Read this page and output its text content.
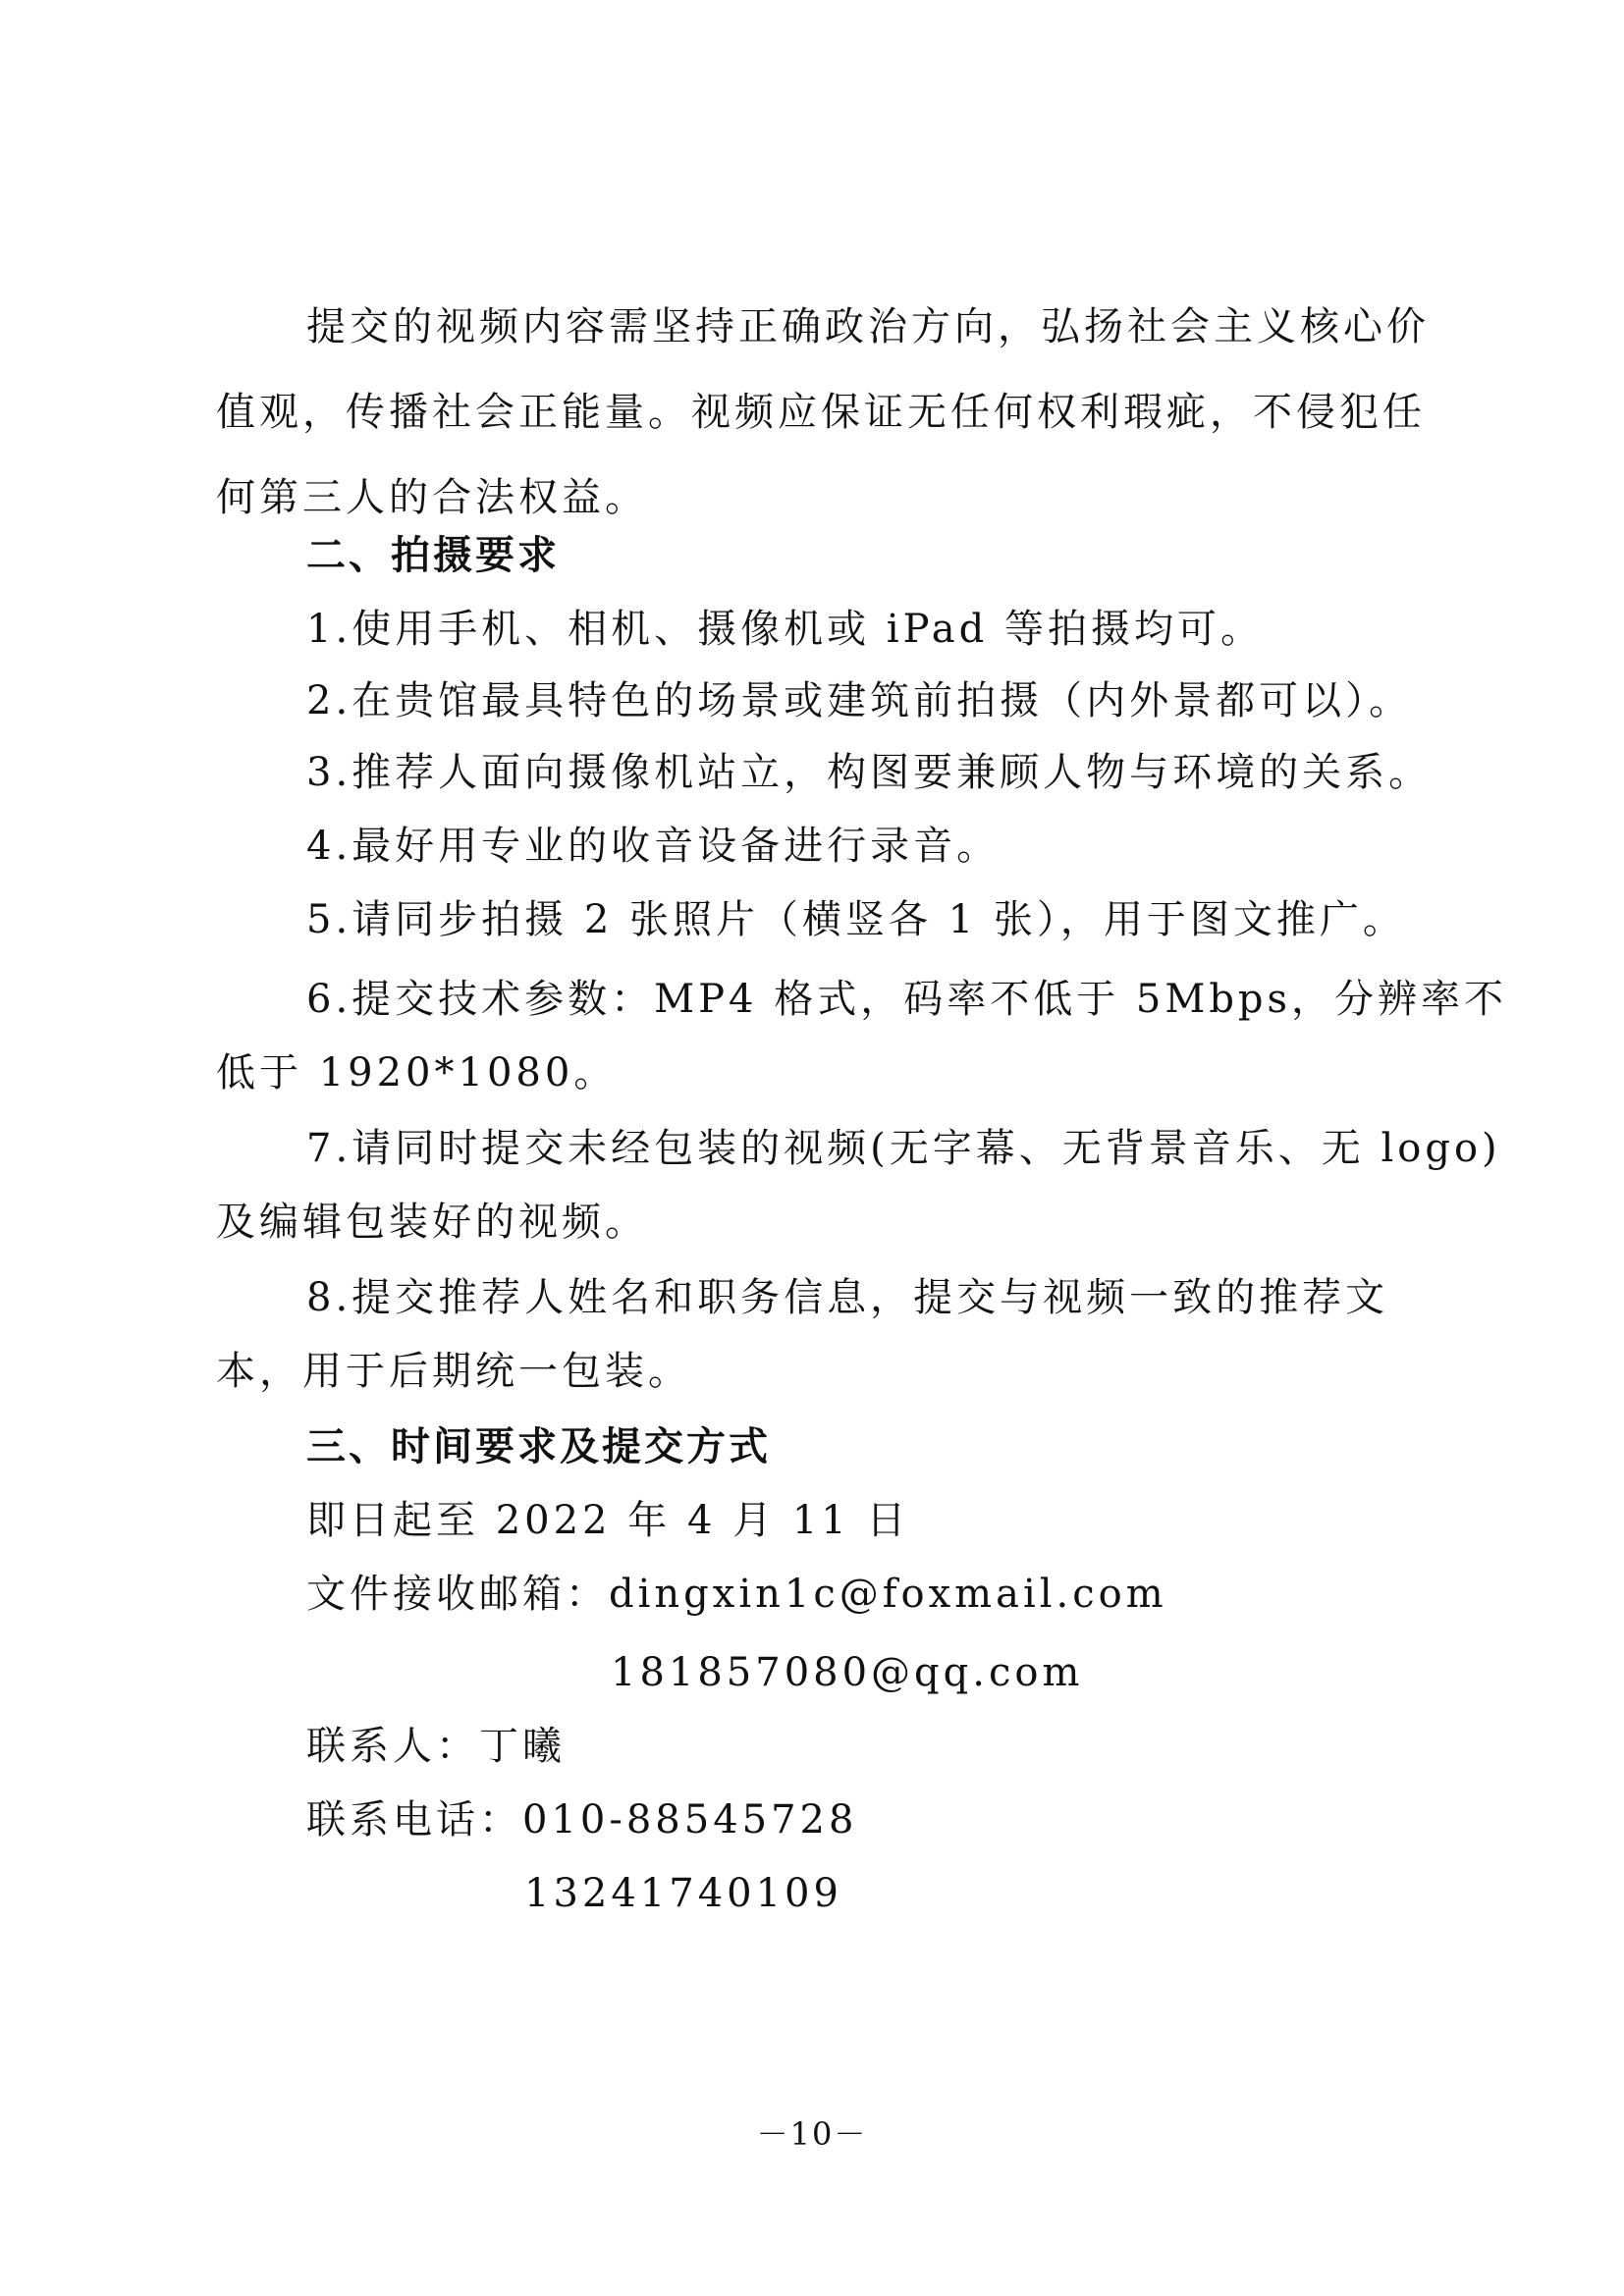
提交的视频内容需坚持正确政治方向，弘扬社会主义核心价
值观，传播社会正能量。视频应保证无任何权利瑕疵，不侵犯任
何第三人的合法权益。
二、拍摄要求
1.使用手机、相机、摄像机或 iPad 等拍摄均可。
2.在贵馆最具特色的场景或建筑前拍摄（内外景都可以）。
3.推荐人面向摄像机站立，构图要兼顾人物与环境的关系。
4.最好用专业的收音设备进行录音。
5.请同步拍摄 2 张照片（横竖各 1 张），用于图文推广。
6.提交技术参数：MP4 格式，码率不低于 5Mbps，分辨率不
低于 1920*1080。
7.请同时提交未经包装的视频(无字幕、无背景音乐、无 logo)
及编辑包装好的视频。
8.提交推荐人姓名和职务信息，提交与视频一致的推荐文
本，用于后期统一包装。
三、时间要求及提交方式
即日起至 2022 年 4 月 11 日
文件接收邮箱：dingxin1c@foxmail.com
181857080@qq.com
联系人：丁曦
联系电话：010-88545728
13241740109
－10－
